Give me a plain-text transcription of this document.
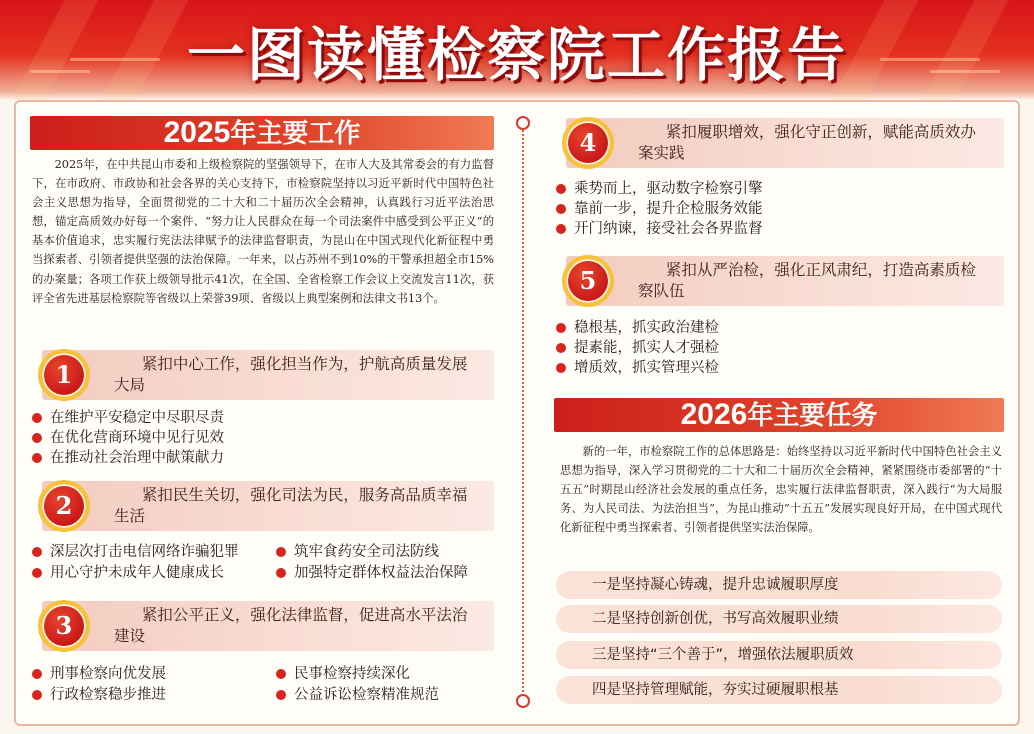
一图读懂检察院工作报告
2025年主要工作
2025年，在中共昆山市委和上级检察院的坚强领导下，在市人大及其常委会的有力监督下，在市政府、市政协和社会各界的关心支持下，市检察院坚持以习近平新时代中国特色社会主义思想为指导，全面贯彻党的二十大和二十届历次全会精神，认真践行习近平法治思想，锚定高质效办好每一个案件、“努力让人民群众在每一个司法案件中感受到公平正义”的基本价值追求，忠实履行宪法法律赋予的法律监督职责，为昆山在中国式现代化新征程中勇当探索者、引领者提供坚强的法治保障。一年来，以占苏州不到10%的干警承担超全市15%的办案量；各项工作获上级领导批示41次，在全国、全省检察工作会议上交流发言11次，获评全省先进基层检察院等省级以上荣誉39项、省级以上典型案例和法律文书13个。
1	紧扣中心工作，强化担当作为，护航高质量发展大局
在维护平安稳定中尽职尽责
在优化营商环境中见行见效
在推动社会治理中献策献力
2	紧扣民生关切，强化司法为民，服务高品质幸福生活
深层次打击电信网络诈骗犯罪	筑牢食药安全司法防线
用心守护未成年人健康成长	加强特定群体权益法治保障
3	紧扣公平正义，强化法律监督，促进高水平法治建设
刑事检察向优发展	民事检察持续深化
行政检察稳步推进	公益诉讼检察精准规范
4	紧扣履职增效，强化守正创新，赋能高质效办案实践
乘势而上，驱动数字检察引擎
靠前一步，提升企检服务效能
开门纳谏，接受社会各界监督
5	紧扣从严治检，强化正风肃纪，打造高素质检察队伍
稳根基，抓实政治建检
提素能，抓实人才强检
增质效，抓实管理兴检
2026年主要任务
新的一年，市检察院工作的总体思路是：始终坚持以习近平新时代中国特色社会主义思想为指导，深入学习贯彻党的二十大和二十届历次全会精神，紧紧围绕市委部署的“十五五”时期昆山经济社会发展的重点任务，忠实履行法律监督职责，深入践行“为大局服务、为人民司法、为法治担当”，为昆山推动“十五五”发展实现良好开局，在中国式现代化新征程中勇当探索者、引领者提供坚实法治保障。
一是坚持凝心铸魂，提升忠诚履职厚度
二是坚持创新创优，书写高效履职业绩
三是坚持“三个善于”，增强依法履职质效
四是坚持管理赋能，夯实过硬履职根基
